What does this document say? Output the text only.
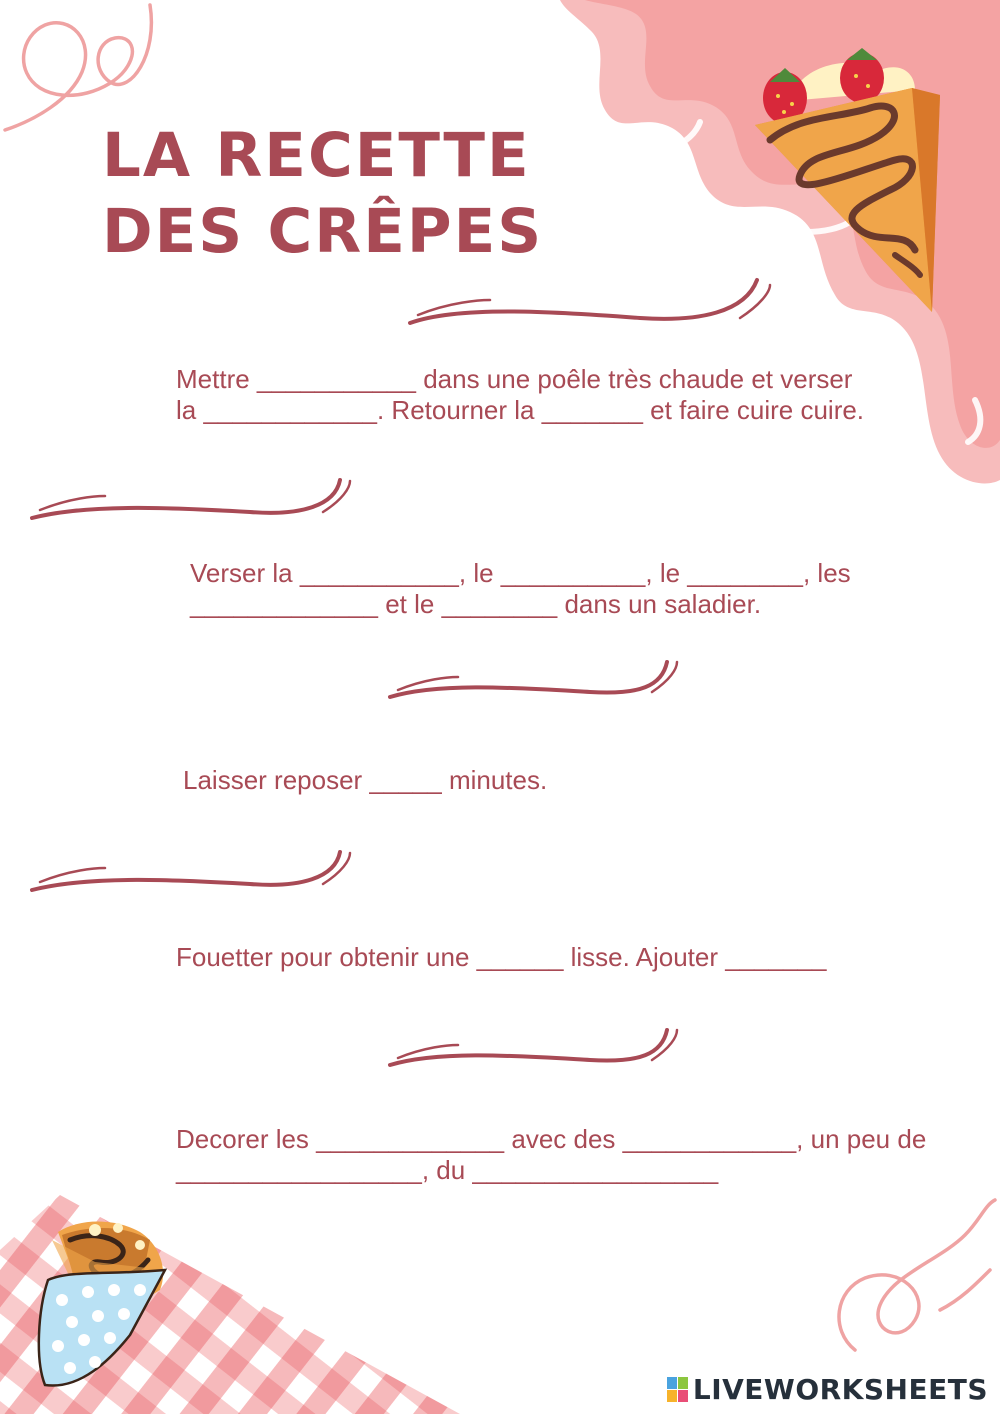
LA RECETTE
DES CRÊPES

Mettre ___________ dans une poêle très chaude et verser la ____________. Retourner la _______ et faire cuire cuire.

Verser la ___________, le __________, le ________, les _____________ et le ________ dans un saladier.

Laisser reposer _____ minutes.

Fouetter pour obtenir une ______ lisse. Ajouter _______

Decorer les _____________ avec des ____________, un peu de _________________, du _________________

LIVEWORKSHEETS
